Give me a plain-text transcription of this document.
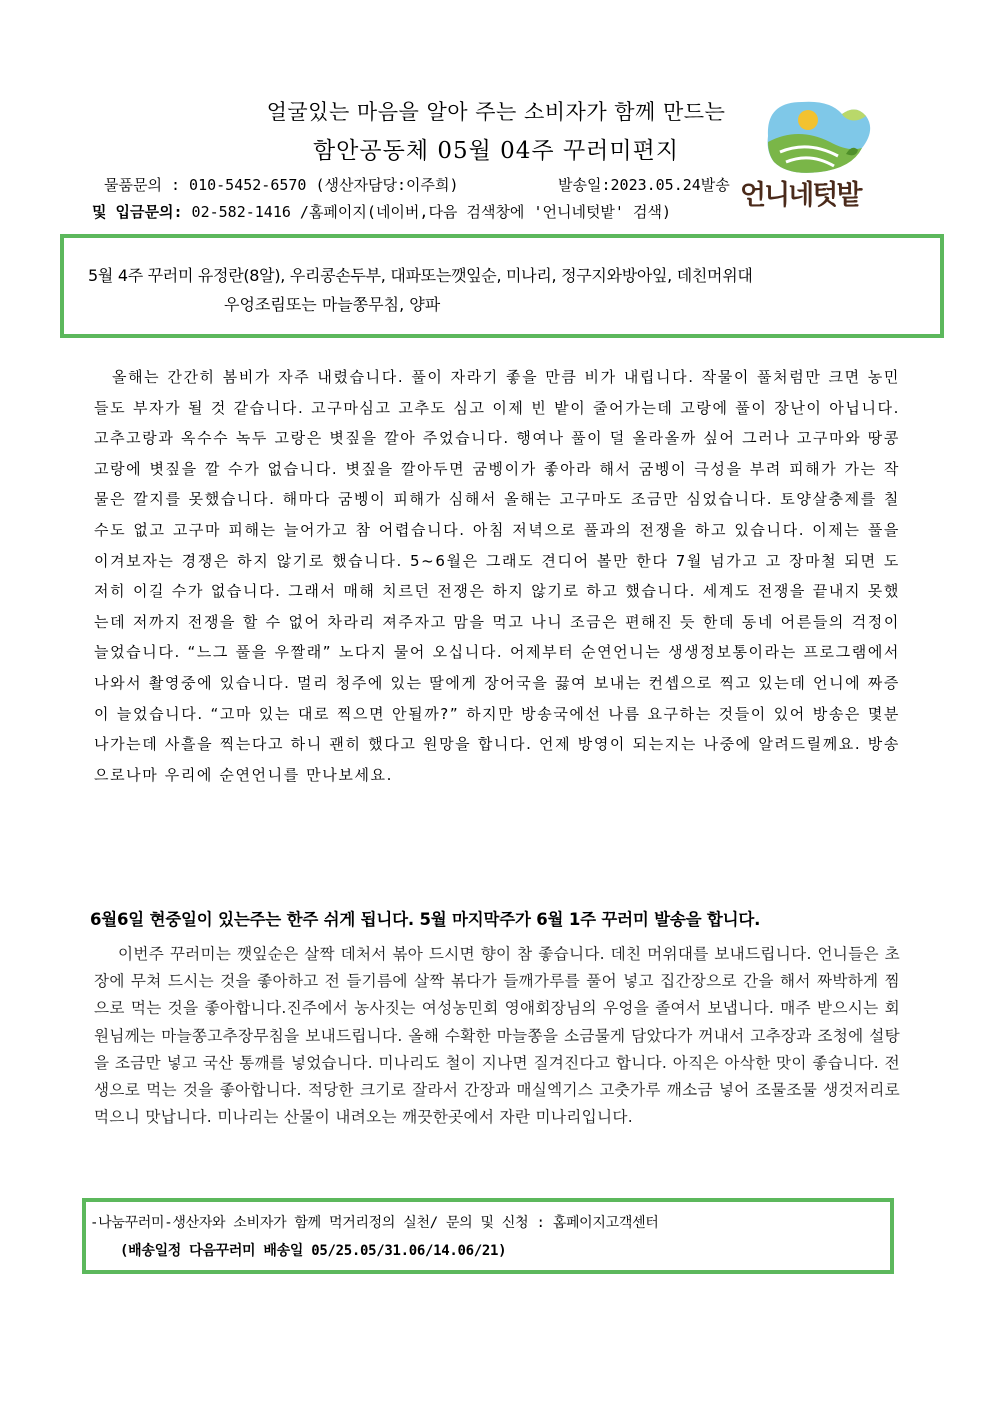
얼굴있는 마음을 알아 주는 소비자가 함께 만드는
함안공동체 05월 04주 꾸러미편지
물품문의 : 010-5452-6570 (생산자담당:이주희)	발송일:2023.05.24발송
및 입금문의: 02-582-1416 /홈페이지(네이버,다음 검색창에 '언니네텃밭' 검색)
언니네텃밭
5월 4주 꾸러미 유정란(8알), 우리콩손두부, 대파또는깻잎순, 미나리, 정구지와방아잎, 데친머위대
우엉조림또는 마늘쫑무침, 양파
올해는 간간히 봄비가 자주 내렸습니다. 풀이 자라기 좋을 만큼 비가 내립니다. 작물이 풀처럼만 크면 농민들도 부자가 될 것 같습니다. 고구마심고 고추도 심고 이제 빈 밭이 줄어가는데 고랑에 풀이 장난이 아닙니다. 고추고랑과 옥수수 녹두 고랑은 볏짚을 깔아 주었습니다. 행여나 풀이 덜 올라올까 싶어 그러나 고구마와 땅콩고랑에 볏짚을 깔 수가 없습니다. 볏짚을 깔아두면 굼벵이가 좋아라 해서 굼벵이 극성을 부려 피해가 가는 작물은 깔지를 못했습니다. 해마다 굼벵이 피해가 심해서 올해는 고구마도 조금만 심었습니다. 토양살충제를 칠 수도 없고 고구마 피해는 늘어가고 참 어렵습니다. 아침 저녁으로 풀과의 전쟁을 하고 있습니다. 이제는 풀을 이겨보자는 경쟁은 하지 않기로 했습니다. 5~6월은 그래도 견디어 볼만 한다 7월 넘가고 고 장마철 되면 도저히 이길 수가 없습니다. 그래서 매해 치르던 전쟁은 하지 않기로 하고 했습니다. 세계도 전쟁을 끝내지 못했는데 저까지 전쟁을 할 수 없어 차라리 져주자고 맘을 먹고 나니 조금은 편해진 듯 한데 동네 어른들의 걱정이 늘었습니다. “느그 풀을 우짤래” 노다지 물어 오십니다. 어제부터 순연언니는 생생정보통이라는 프로그램에서 나와서 촬영중에 있습니다. 멀리 청주에 있는 딸에게 장어국을 끓여 보내는 컨셉으로 찍고 있는데 언니에 짜증이 늘었습니다. “고마 있는 대로 찍으면 안될까?” 하지만 방송국에선 나름 요구하는 것들이 있어 방송은 몇분 나가는데 사흘을 찍는다고 하니 괜히 했다고 원망을 합니다. 언제 방영이 되는지는 나중에 알려드릴께요. 방송으로나마 우리에 순연언니를 만나보세요.
6월6일 현중일이 있는주는 한주 쉬게 됩니다. 5월 마지막주가 6월 1주 꾸러미 발송을 합니다.
이번주 꾸러미는 깻잎순은 살짝 데처서 볶아 드시면 향이 참 좋습니다. 데친 머위대를 보내드립니다. 언니들은 초장에 무쳐 드시는 것을 좋아하고 전 들기름에 살짝 볶다가 들깨가루를 풀어 넣고 집간장으로 간을 해서 짜박하게 찜으로 먹는 것을 좋아합니다.진주에서 농사짓는 여성농민회 영애회장님의 우엉을 졸여서 보냅니다. 매주 받으시는 회원님께는 마늘쫑고추장무침을 보내드립니다. 올해 수확한 마늘쫑을 소금물게 담았다가 꺼내서 고추장과 조청에 설탕을 조금만 넣고 국산 통깨를 넣었습니다. 미나리도 철이 지나면 질겨진다고 합니다. 아직은 아삭한 맛이 좋습니다. 전 생으로 먹는 것을 좋아합니다. 적당한 크기로 잘라서 간장과 매실엑기스 고춧가루 깨소금 넣어 조물조물 생것저리로 먹으니 맛납니다. 미나리는 산물이 내려오는 깨끗한곳에서 자란 미나리입니다.
-나눔꾸러미-생산자와 소비자가 함께 먹거리정의 실천/ 문의 및 신청 : 홈페이지고객센터
(배송일정 다음꾸러미 배송일 05/25.05/31.06/14.06/21)
